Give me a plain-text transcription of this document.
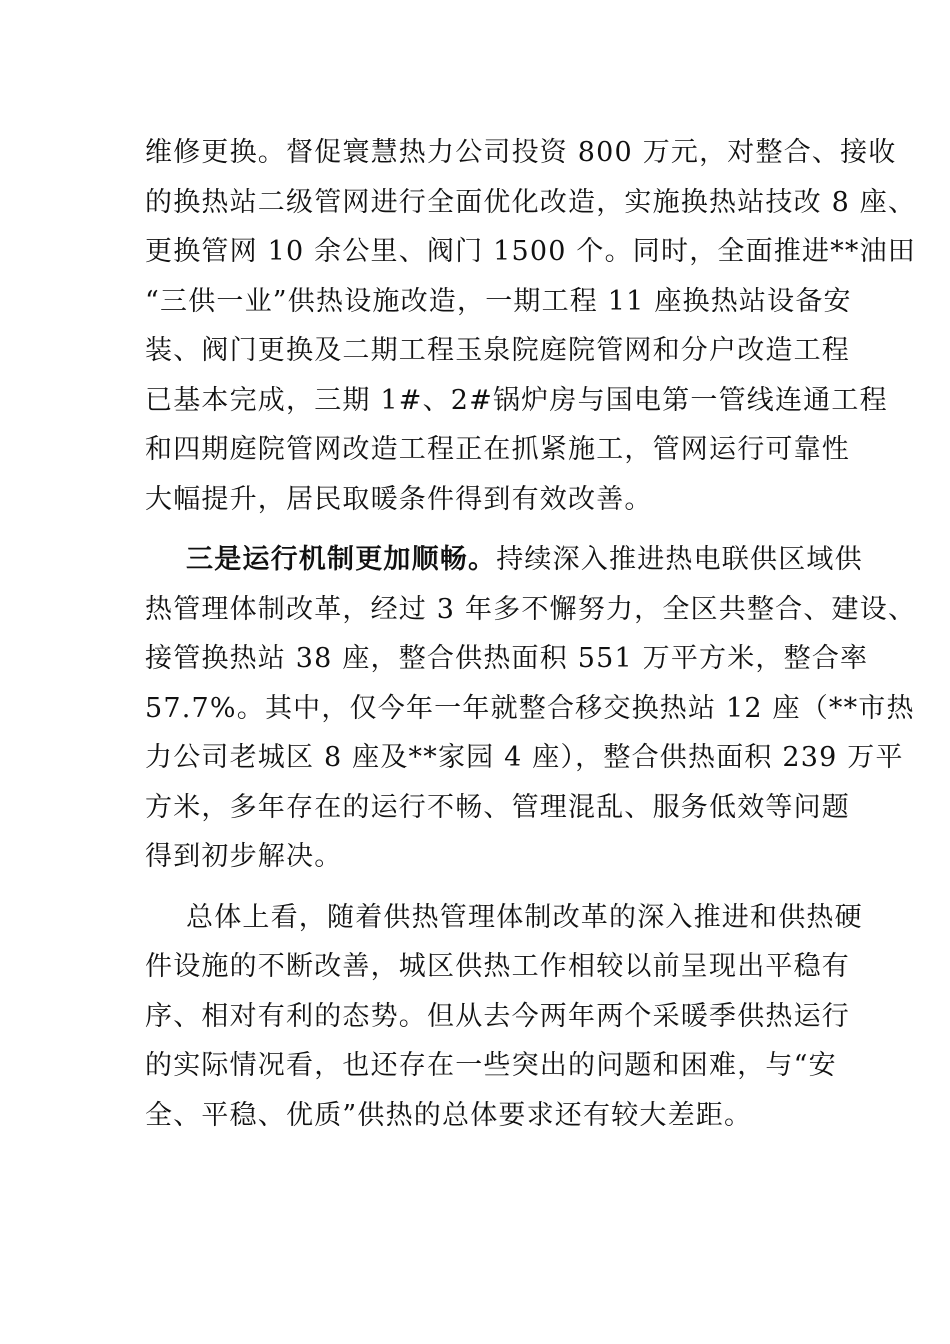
维修更换。督促寰慧热力公司投资 800 万元，对整合、接收
的换热站二级管网进行全面优化改造，实施换热站技改 8 座、
更换管网 10 余公里、阀门 1500 个。同时，全面推进**油田
“三供一业”供热设施改造，一期工程 11 座换热站设备安
装、阀门更换及二期工程玉泉院庭院管网和分户改造工程
已基本完成，三期 1#、2#锅炉房与国电第一管线连通工程
和四期庭院管网改造工程正在抓紧施工，管网运行可靠性
大幅提升，居民取暖条件得到有效改善。
三是运行机制更加顺畅。持续深入推进热电联供区域供
热管理体制改革，经过 3 年多不懈努力，全区共整合、建设、
接管换热站 38 座，整合供热面积 551 万平方米，整合率
57.7%。其中，仅今年一年就整合移交换热站 12 座（**市热
力公司老城区 8 座及**家园 4 座），整合供热面积 239 万平
方米，多年存在的运行不畅、管理混乱、服务低效等问题
得到初步解决。
总体上看，随着供热管理体制改革的深入推进和供热硬
件设施的不断改善，城区供热工作相较以前呈现出平稳有
序、相对有利的态势。但从去今两年两个采暖季供热运行
的实际情况看，也还存在一些突出的问题和困难，与“安
全、平稳、优质”供热的总体要求还有较大差距。
